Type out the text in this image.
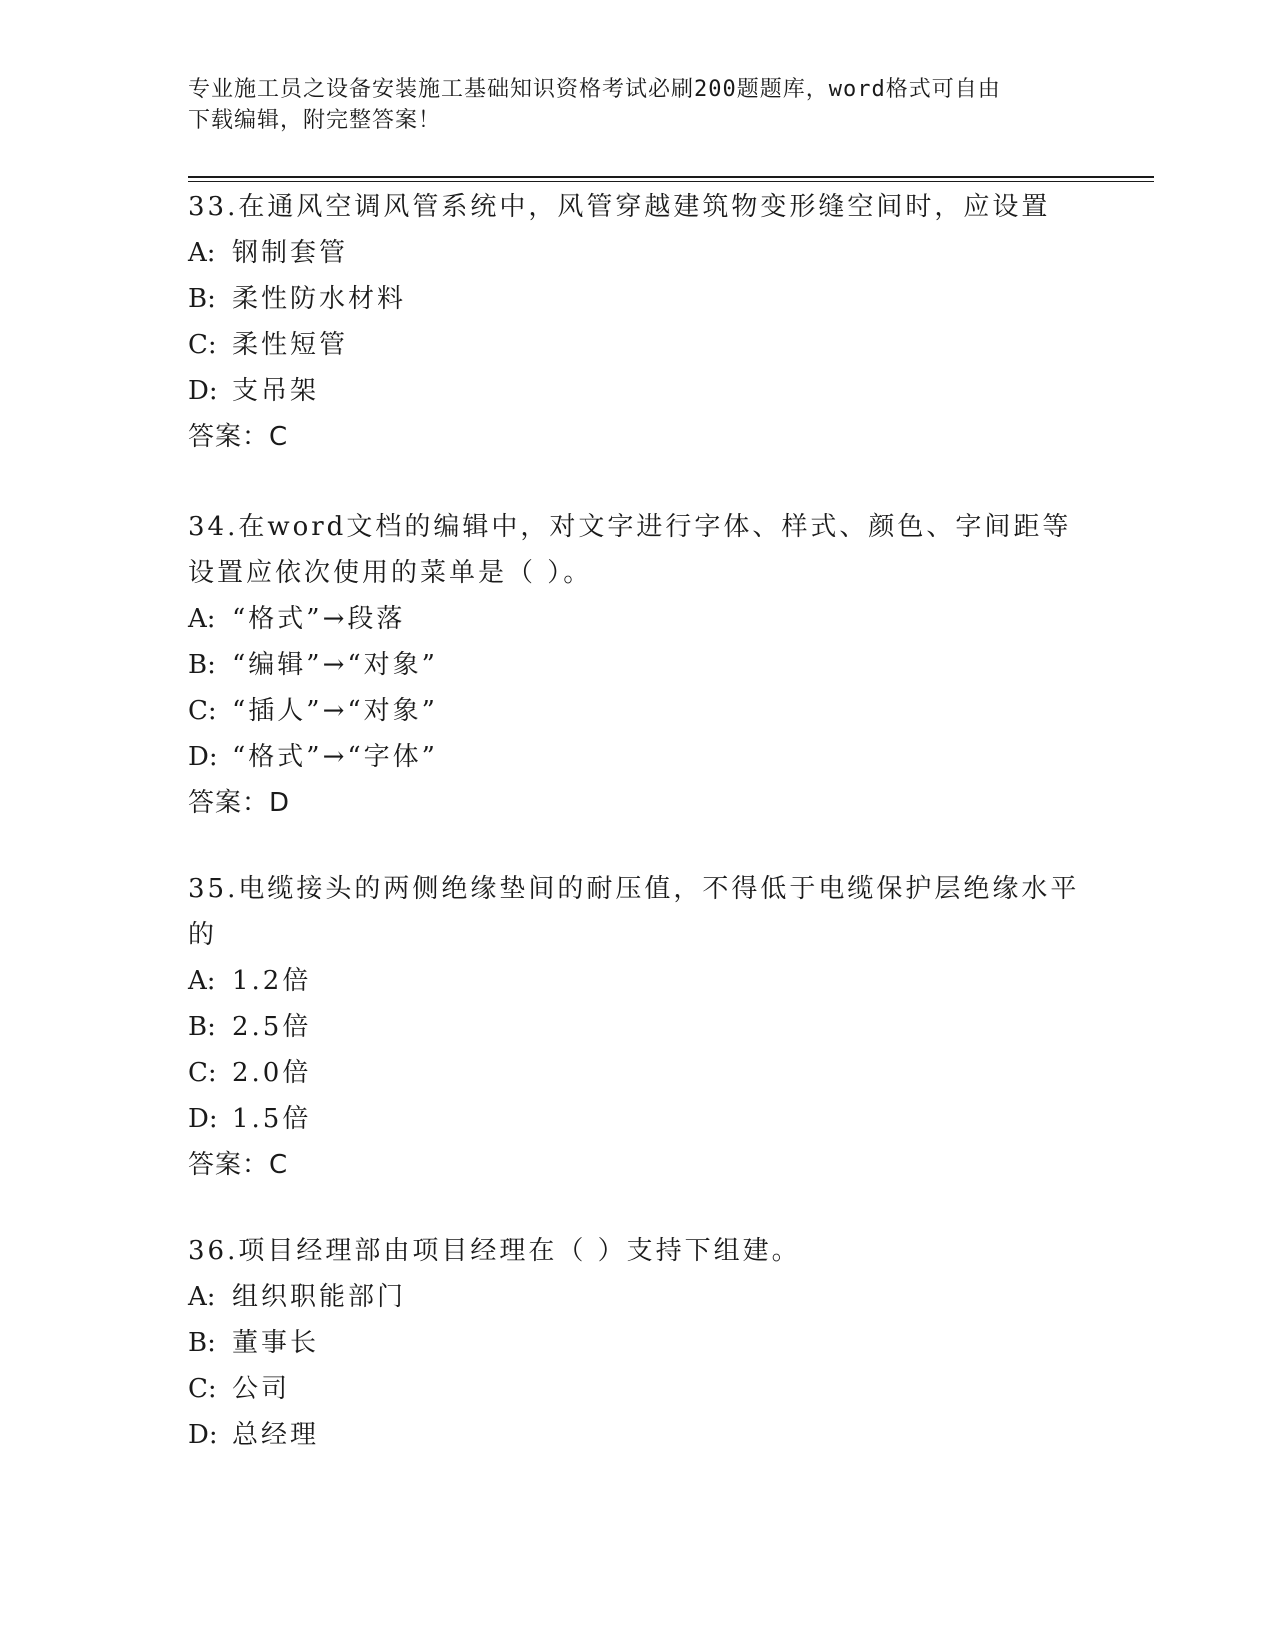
专业施工员之设备安装施工基础知识资格考试必刷200题题库，word格式可自由
下载编辑，附完整答案！
33.在通风空调风管系统中，风管穿越建筑物变形缝空间时，应设置
A: 钢制套管
B: 柔性防水材料
C: 柔性短管
D: 支吊架
答案：C
34.在word文档的编辑中，对文字进行字体、样式、颜色、字间距等
设置应依次使用的菜单是（ ）。
A: “格式”→段落
B: “编辑”→“对象”
C: “插人”→“对象”
D: “格式”→“字体”
答案：D
35.电缆接头的两侧绝缘垫间的耐压值，不得低于电缆保护层绝缘水平
的
A: 1.2倍
B: 2.5倍
C: 2.0倍
D: 1.5倍
答案：C
36.项目经理部由项目经理在（ ）支持下组建。
A: 组织职能部门
B: 董事长
C: 公司
D: 总经理
